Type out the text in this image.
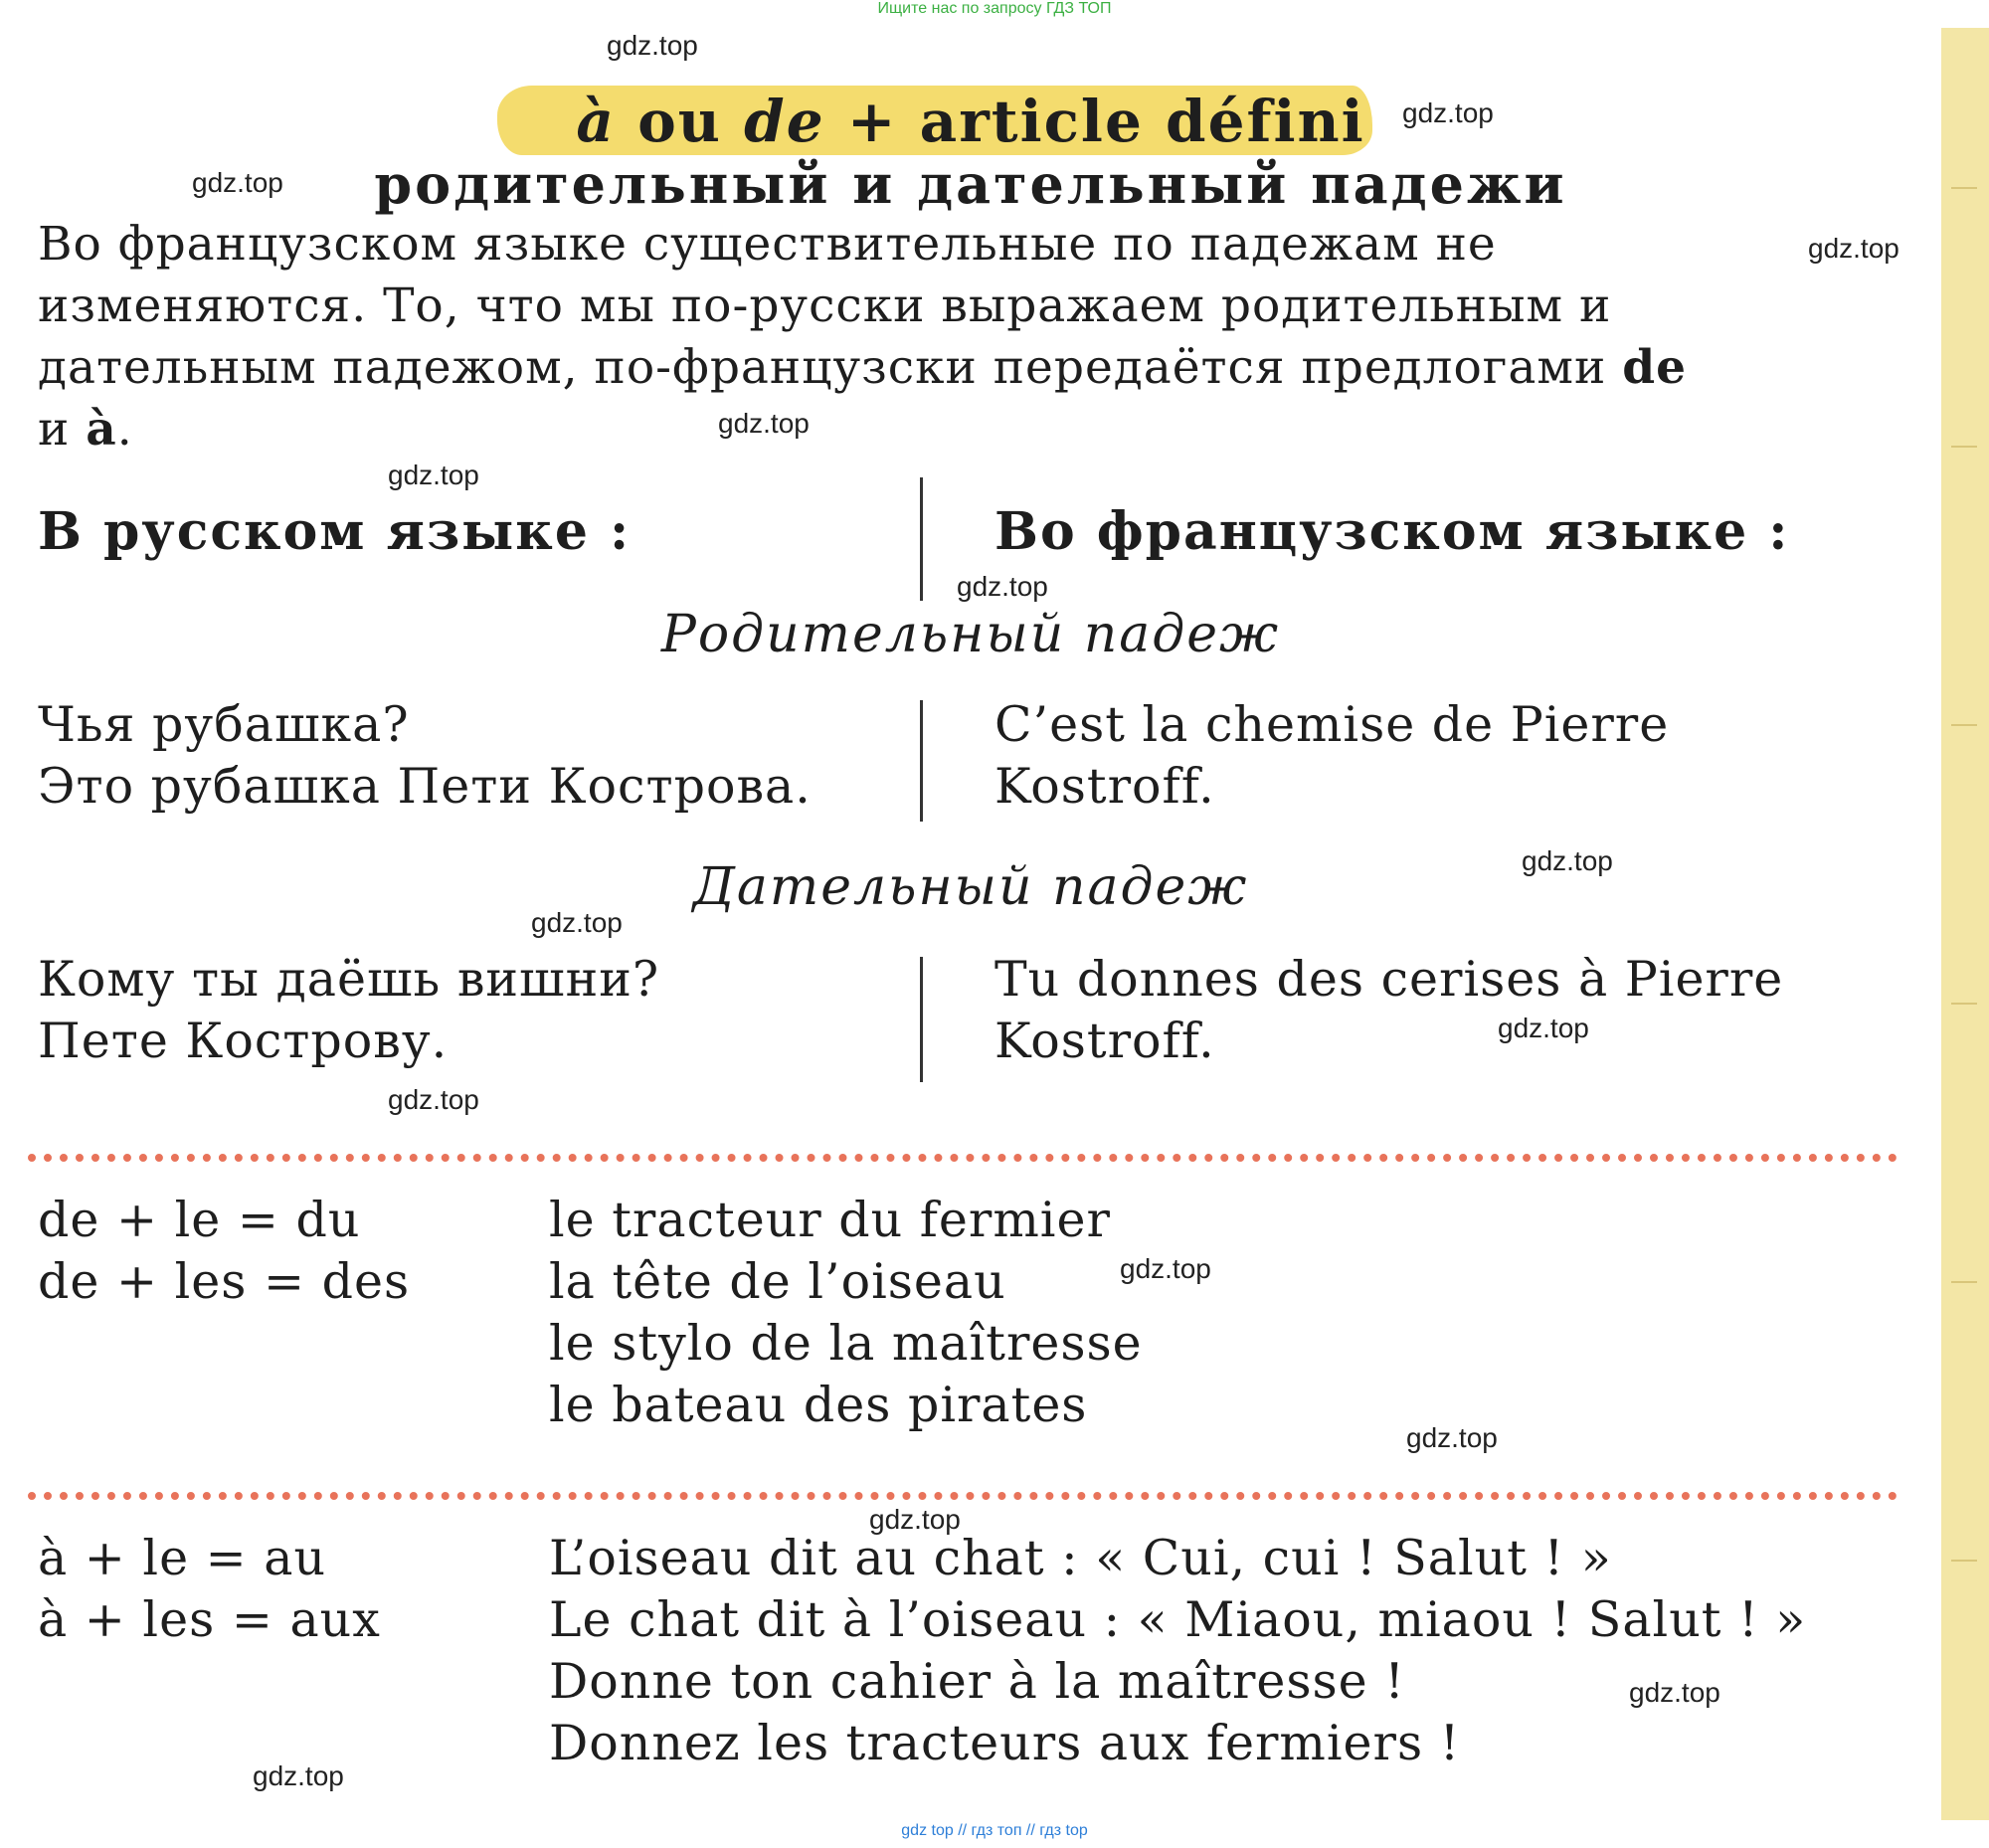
Ищите нас по запросу ГДЗ ТОП
à ou de + article défini
родительный и дательный падежи
Во французском языке существительные по падежам не
изменяются. То, что мы по-русски выражаем родительным и
дательным падежом, по-французски передаётся предлогами de
и à.
В русском языке :	Во французском языке :
Родительный падеж
Чья рубашка?
Это рубашка Пети Кострова.
C’est la chemise de Pierre
Kostroff.
Дательный падеж
Кому ты даёшь вишни?
Пете Кострову.
Tu donnes des cerises à Pierre
Kostroff.
de + le = du
de + les = des
le tracteur du fermier
la tête de l’oiseau
le stylo de la maîtresse
le bateau des pirates
à + le = au
à + les = aux
L’oiseau dit au chat : « Cui, cui ! Salut ! »
Le chat dit à l’oiseau : « Miaou, miaou ! Salut ! »
Donne ton cahier à la maîtresse !
Donnez les tracteurs aux fermiers !
gdz.top
gdz.top
gdz.top
gdz.top
gdz.top
gdz.top
gdz.top
gdz.top
gdz.top
gdz.top
gdz.top
gdz.top
gdz.top
gdz.top
gdz.top
gdz.top
gdz top // гдз топ // гдз top
